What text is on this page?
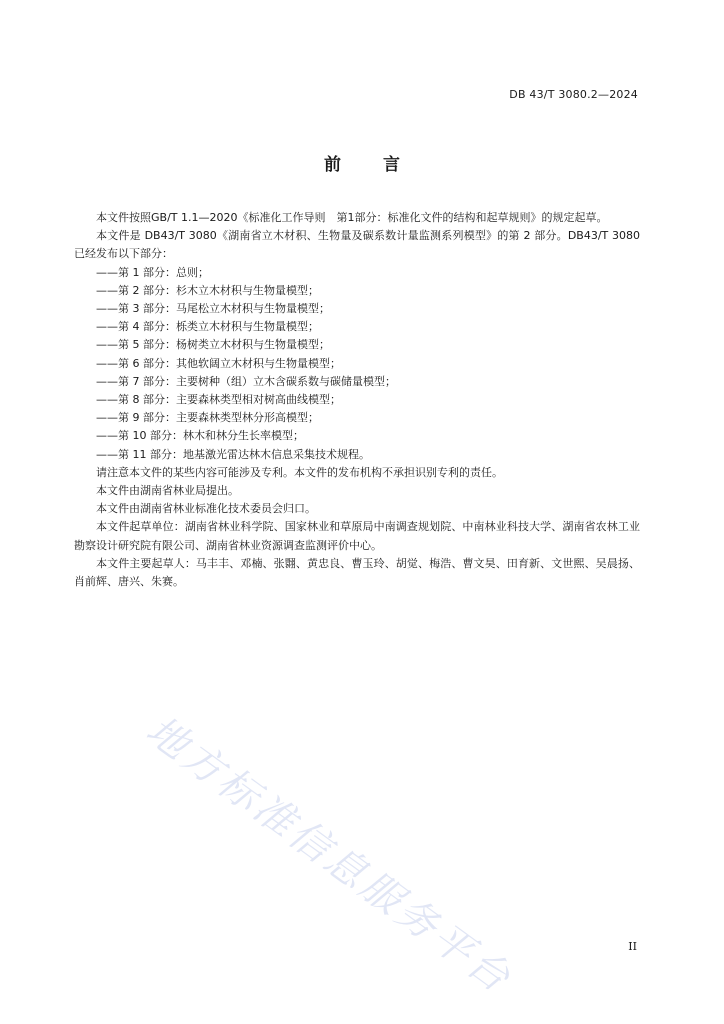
DB 43/T 3080.2—2024
前言

本文件按照GB/T 1.1—2020《标准化工作导则　第1部分：标准化文件的结构和起草规则》的规定起草。

本文件是 DB43/T 3080《湖南省立木材积、生物量及碳系数计量监测系列模型》的第 2 部分。DB43/T 3080 已经发布以下部分：

——第 1 部分：总则；

——第 2 部分：杉木立木材积与生物量模型；

——第 3 部分：马尾松立木材积与生物量模型；

——第 4 部分：栎类立木材积与生物量模型；

——第 5 部分：杨树类立木材积与生物量模型；

——第 6 部分：其他软阔立木材积与生物量模型；

——第 7 部分：主要树种（组）立木含碳系数与碳储量模型；

——第 8 部分：主要森林类型相对树高曲线模型；

——第 9 部分：主要森林类型林分形高模型；

——第 10 部分：林木和林分生长率模型；

——第 11 部分：地基激光雷达林木信息采集技术规程。

请注意本文件的某些内容可能涉及专利。本文件的发布机构不承担识别专利的责任。

本文件由湖南省林业局提出。

本文件由湖南省林业标准化技术委员会归口。

本文件起草单位：湖南省林业科学院、国家林业和草原局中南调查规划院、中南林业科技大学、湖南省农林工业勘察设计研究院有限公司、湖南省林业资源调查监测评价中心。

本文件主要起草人：马丰丰、邓楠、张翾、黄忠良、曹玉玲、胡觉、梅浩、曹文昊、田育新、文世熙、吴晨扬、肖前辉、唐兴、朱赛。

地方标准信息服务平台	II
